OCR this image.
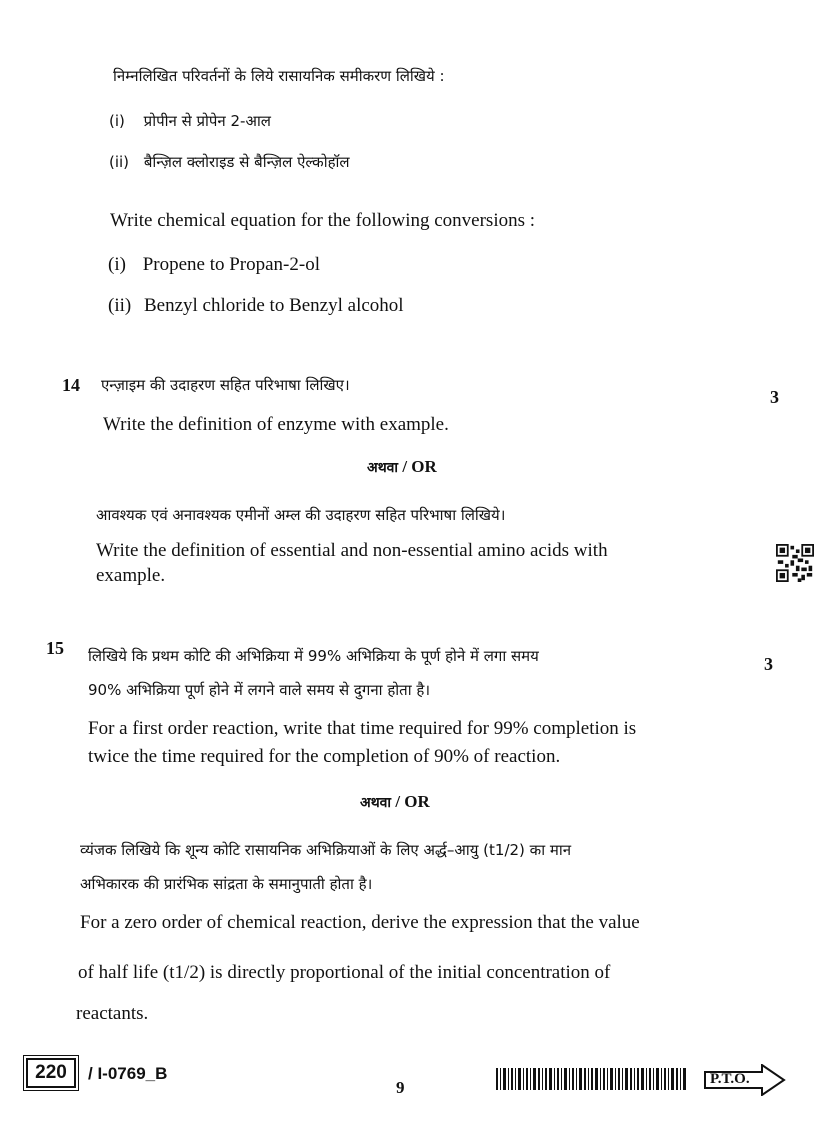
निम्नलिखित परिवर्तनों के लिये रासायनिक समीकरण लिखिये :
(i) प्रोपीन से प्रोपेन 2-आल
(ii) बैन्ज़िल क्लोराइड से बैन्ज़िल ऐल्कोहॉल
Write chemical equation for the following conversions :
(i) Propene to Propan-2-ol
(ii) Benzyl chloride to Benzyl alcohol
14 एन्ज़ाइम की उदाहरण सहित परिभाषा लिखिए।
3
Write the definition of enzyme with example.
अथवा / OR
आवश्यक एवं अनावश्यक एमीनों अम्ल की उदाहरण सहित परिभाषा लिखिये।
Write the definition of essential and non-essential amino acids with
example.
15 लिखिये कि प्रथम कोटि की अभिक्रिया में 99% अभिक्रिया के पूर्ण होने में लगा समय	3
90% अभिक्रिया पूर्ण होने में लगने वाले समय से दुगना होता है।
For a first order reaction, write that time required for 99% completion is
twice the time required for the completion of 90% of reaction.
अथवा / OR
व्यंजक लिखिये कि शून्य कोटि रासायनिक अभिक्रियाओं के लिए अर्द्ध–आयु (t1/2) का मान
अभिकारक की प्रारंभिक सांद्रता के समानुपाती होता है।
For a zero order of chemical reaction, derive the expression that the value
of half life (t1/2) is directly proportional of the initial concentration of
reactants.
220	/ I-0769_B
9	P.T.O.
